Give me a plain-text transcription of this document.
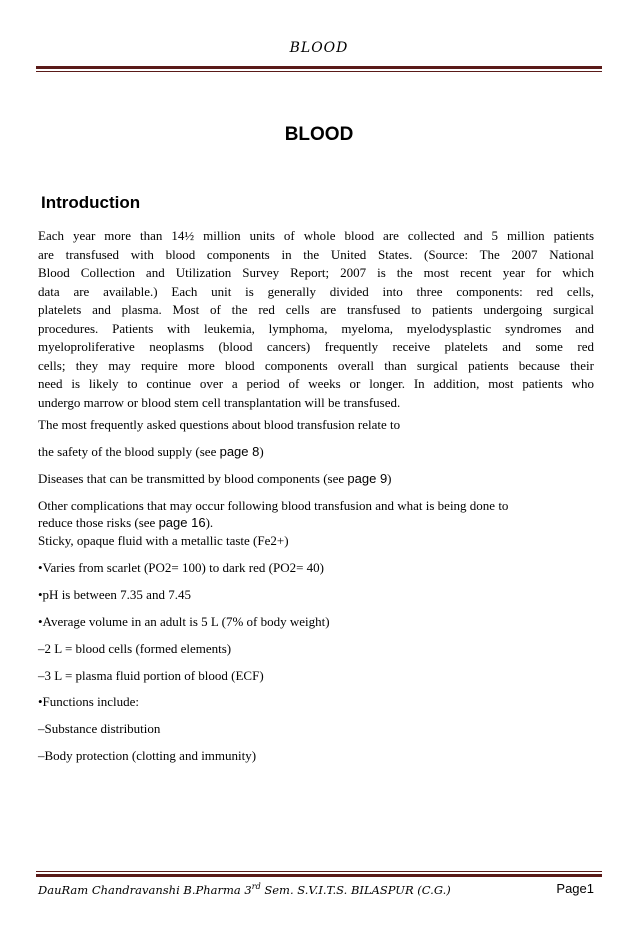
BLOOD
BLOOD
Introduction
Each year more than 14½ million units of whole blood are collected and 5 million patients
are transfused with blood components in the United States. (Source: The 2007 National
Blood Collection and Utilization Survey Report; 2007 is the most recent year for which
data are available.) Each unit is generally divided into three components: red cells,
platelets and plasma. Most of the red cells are transfused to patients undergoing surgical
procedures. Patients with leukemia, lymphoma, myeloma, myelodysplastic syndromes and
myeloproliferative neoplasms (blood cancers) frequently receive platelets and some red
cells; they may require more blood components overall than surgical patients because their
need is likely to continue over a period of weeks or longer. In addition, most patients who
undergo marrow or blood stem cell transplantation will be transfused.
The most frequently asked questions about blood transfusion relate to
the safety of the blood supply (see page 8)
Diseases that can be transmitted by blood components (see page 9)
Other complications that may occur following blood transfusion and what is being done to
reduce those risks (see page 16).
Sticky, opaque fluid with a metallic taste (Fe2+)
•Varies from scarlet (PO2= 100) to dark red (PO2= 40)
•pH is between 7.35 and 7.45
•Average volume in an adult is 5 L (7% of body weight)
–2 L = blood cells (formed elements)
–3 L = plasma fluid portion of blood (ECF)
•Functions include:
–Substance distribution
–Body protection (clotting and immunity)
DauRam Chandravanshi B.Pharma 3rd Sem. S.V.I.T.S. BILASPUR (C.G.)	Page1
